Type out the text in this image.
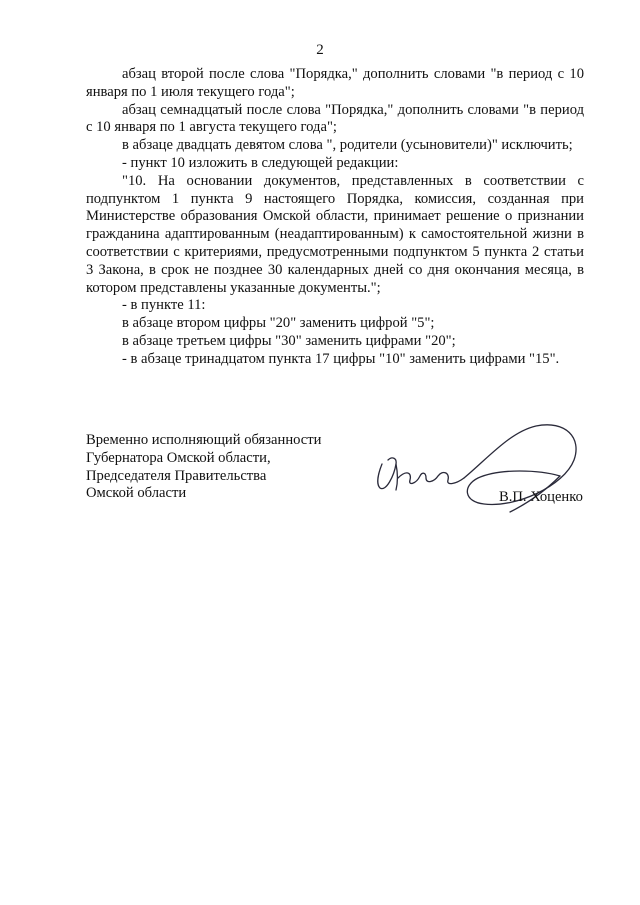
2

абзац второй после слова "Порядка," дополнить словами "в период с 10 января по 1 июля текущего года";

абзац семнадцатый после слова "Порядка," дополнить словами "в период с 10 января по 1 августа текущего года";

в абзаце двадцать девятом слова ", родители (усыновители)" исключить;

- пункт 10 изложить в следующей редакции:

"10. На основании документов, представленных в соответствии с подпунктом 1 пункта 9 настоящего Порядка, комиссия, созданная при Министерстве образования Омской области, принимает решение о признании гражданина адаптированным (неадаптированным) к самостоятельной жизни в соответствии с критериями, предусмотренными подпунктом 5 пункта 2 статьи 3 Закона, в срок не позднее 30 календарных дней со дня окончания месяца, в котором представлены указанные документы.";

- в пункте 11:

в абзаце втором цифры "20" заменить цифрой "5";

в абзаце третьем цифры "30" заменить цифрами "20";

- в абзаце тринадцатом пункта 17 цифры "10" заменить цифрами "15".

Временно исполняющий обязанности
Губернатора Омской области,
Председателя Правительства
Омской области	В.П. Хоценко
